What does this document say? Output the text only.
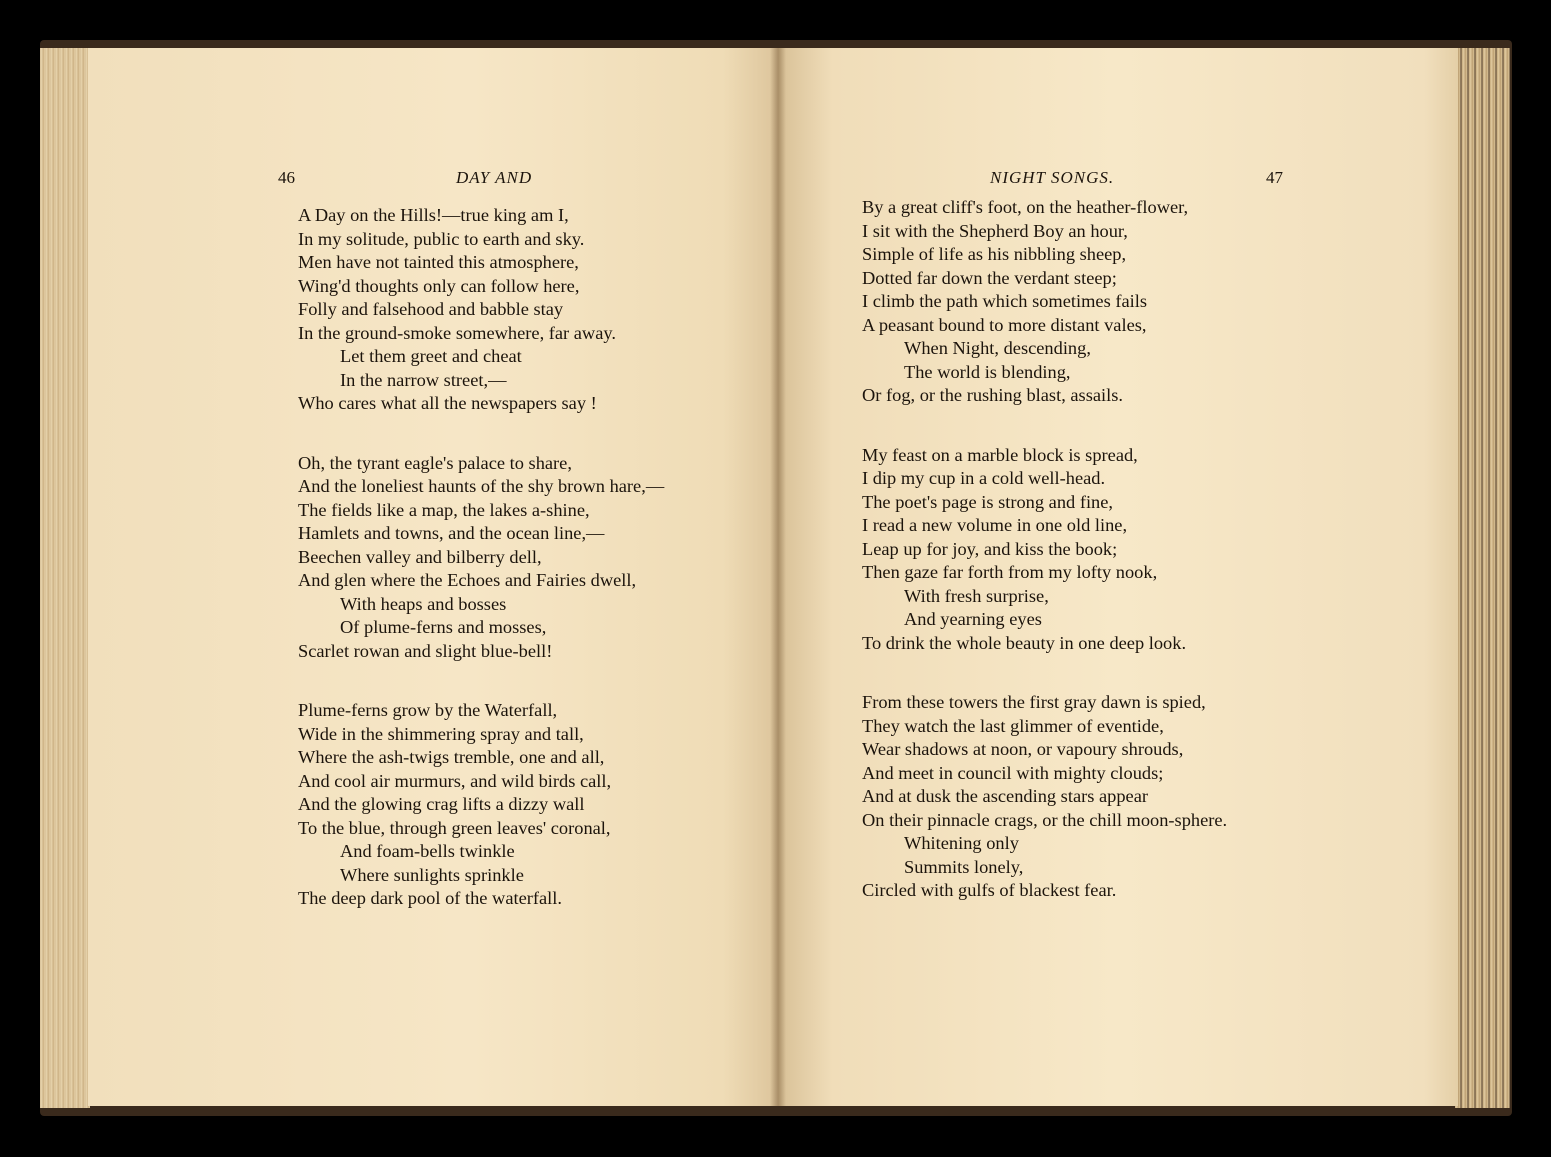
46	DAY AND	NIGHT SONGS.	47
A Day on the Hills!—true king am I,
In my solitude, public to earth and sky.
Men have not tainted this atmosphere,
Wing'd thoughts only can follow here,
Folly and falsehood and babble stay
In the ground-smoke somewhere, far away.
Let them greet and cheat
In the narrow street,—
Who cares what all the newspapers say !
Oh, the tyrant eagle's palace to share,
And the loneliest haunts of the shy brown hare,—
The fields like a map, the lakes a-shine,
Hamlets and towns, and the ocean line,—
Beechen valley and bilberry dell,
And glen where the Echoes and Fairies dwell,
With heaps and bosses
Of plume-ferns and mosses,
Scarlet rowan and slight blue-bell!
Plume-ferns grow by the Waterfall,
Wide in the shimmering spray and tall,
Where the ash-twigs tremble, one and all,
And cool air murmurs, and wild birds call,
And the glowing crag lifts a dizzy wall
To the blue, through green leaves' coronal,
And foam-bells twinkle
Where sunlights sprinkle
The deep dark pool of the waterfall.
By a great cliff's foot, on the heather-flower,
I sit with the Shepherd Boy an hour,
Simple of life as his nibbling sheep,
Dotted far down the verdant steep;
I climb the path which sometimes fails
A peasant bound to more distant vales,
When Night, descending,
The world is blending,
Or fog, or the rushing blast, assails.
My feast on a marble block is spread,
I dip my cup in a cold well-head.
The poet's page is strong and fine,
I read a new volume in one old line,
Leap up for joy, and kiss the book;
Then gaze far forth from my lofty nook,
With fresh surprise,
And yearning eyes
To drink the whole beauty in one deep look.
From these towers the first gray dawn is spied,
They watch the last glimmer of eventide,
Wear shadows at noon, or vapoury shrouds,
And meet in council with mighty clouds;
And at dusk the ascending stars appear
On their pinnacle crags, or the chill moon-sphere.
Whitening only
Summits lonely,
Circled with gulfs of blackest fear.
